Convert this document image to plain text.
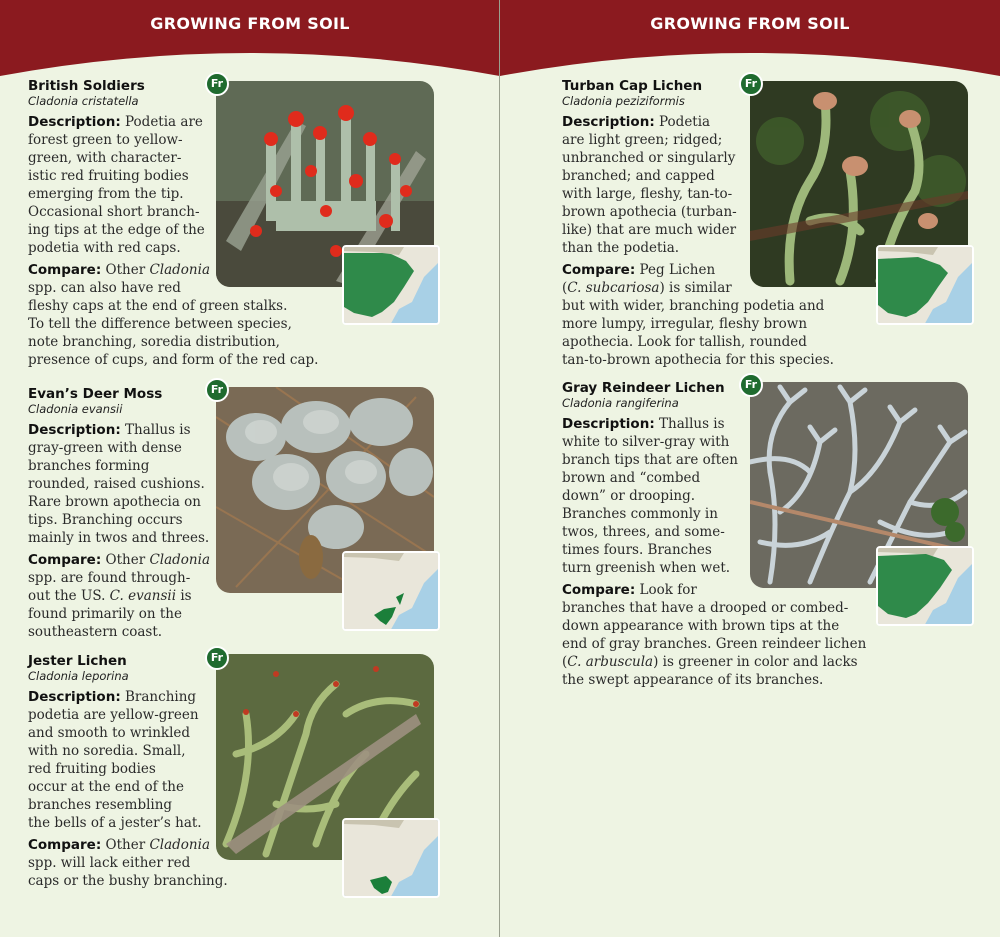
GROWING FROM SOIL
British Soldiers
Cladonia cristatella
Description: Podetia are
forest green to yellow-
green, with character-
istic red fruiting bodies
emerging from the tip.
Occasional short branch-
ing tips at the edge of the
podetia with red caps.
Compare: Other Cladonia
spp. can also have red
fleshy caps at the end of green stalks.
To tell the difference between species,
note branching, soredia distribution,
presence of cups, and form of the red cap.
Fr
Evan’s Deer Moss
Cladonia evansii
Description: Thallus is
gray-green with dense
branches forming
rounded, raised cushions.
Rare brown apothecia on
tips. Branching occurs
mainly in twos and threes.
Compare: Other Cladonia
spp. are found through-
out the US. C. evansii is
found primarily on the
southeastern coast.
Fr
Jester Lichen
Cladonia leporina
Description: Branching
podetia are yellow-green
and smooth to wrinkled
with no soredia. Small,
red fruiting bodies
occur at the end of the
branches resembling
the bells of a jester’s hat.
Compare: Other Cladonia
spp. will lack either red
caps or the bushy branching.
Fr
GROWING FROM SOIL
Turban Cap Lichen
Cladonia peziziformis
Description: Podetia
are light green; ridged;
unbranched or singularly
branched; and capped
with large, fleshy, tan-to-
brown apothecia (turban-
like) that are much wider
than the podetia.
Compare: Peg Lichen
(C. subcariosa) is similar
but with wider, branching podetia and
more lumpy, irregular, fleshy brown
apothecia. Look for tallish, rounded
tan-to-brown apothecia for this species.
Fr
Gray Reindeer Lichen
Cladonia rangiferina
Description: Thallus is
white to silver-gray with
branch tips that are often
brown and “combed
down” or drooping.
Branches commonly in
twos, threes, and some-
times fours. Branches
turn greenish when wet.
Compare: Look for
branches that have a drooped or combed-
down appearance with brown tips at the
end of gray branches. Green reindeer lichen
(C. arbuscula) is greener in color and lacks
the swept appearance of its branches.
Fr
